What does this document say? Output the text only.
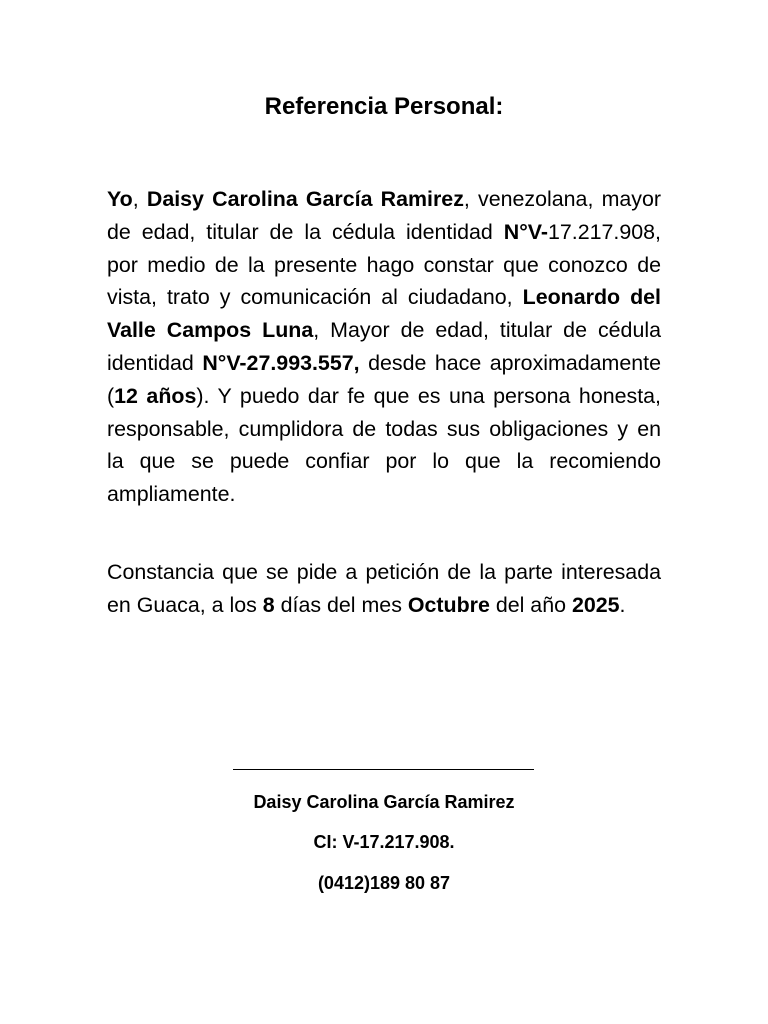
Referencia Personal:

Yo, Daisy Carolina García Ramirez, venezolana, mayor de edad, titular de la cédula identidad N°V-17.217.908, por medio de la presente hago constar que conozco de vista, trato y comunicación al ciudadano, Leonardo del Valle Campos Luna, Mayor de edad, titular de cédula identidad N°V-27.993.557, desde hace aproximadamente (12 años). Y puedo dar fe que es una persona honesta, responsable, cumplidora de todas sus obligaciones y en la que se puede confiar por lo que la recomiendo ampliamente.

Constancia que se pide a petición de la parte interesada en Guaca, a los 8 días del mes Octubre del año 2025.

Daisy Carolina García Ramirez

CI: V-17.217.908.

(0412)189 80 87
